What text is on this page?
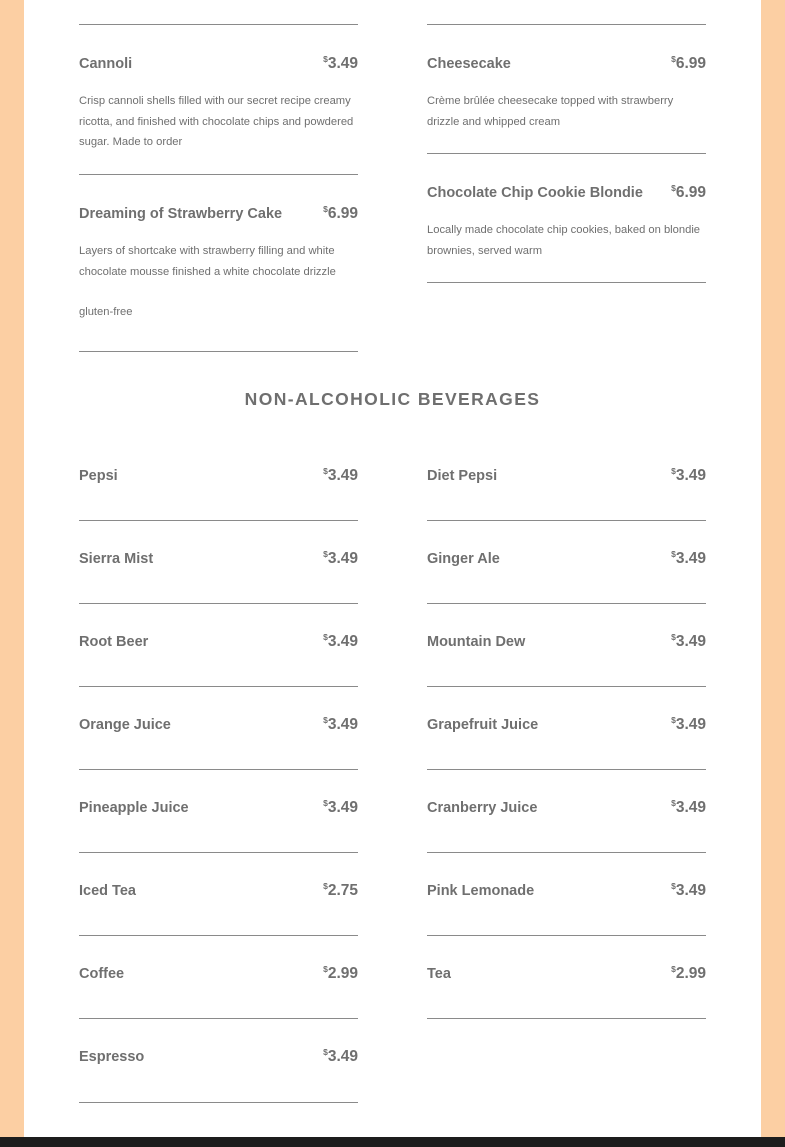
Cannoli	$3.49
Crisp cannoli shells filled with our secret recipe creamy ricotta, and finished with chocolate chips and powdered sugar. Made to order
Dreaming of Strawberry Cake	$6.99
Layers of shortcake with strawberry filling and white chocolate mousse finished a white chocolate drizzle
gluten-free
Cheesecake	$6.99
Crème brûlée cheesecake topped with strawberry drizzle and whipped cream
Chocolate Chip Cookie Blondie	$6.99
Locally made chocolate chip cookies, baked on blondie brownies, served warm
NON-ALCOHOLIC BEVERAGES
Pepsi	$3.49
Sierra Mist	$3.49
Root Beer	$3.49
Orange Juice	$3.49
Pineapple Juice	$3.49
Iced Tea	$2.75
Coffee	$2.99
Espresso	$3.49
Diet Pepsi	$3.49
Ginger Ale	$3.49
Mountain Dew	$3.49
Grapefruit Juice	$3.49
Cranberry Juice	$3.49
Pink Lemonade	$3.49
Tea	$2.99
